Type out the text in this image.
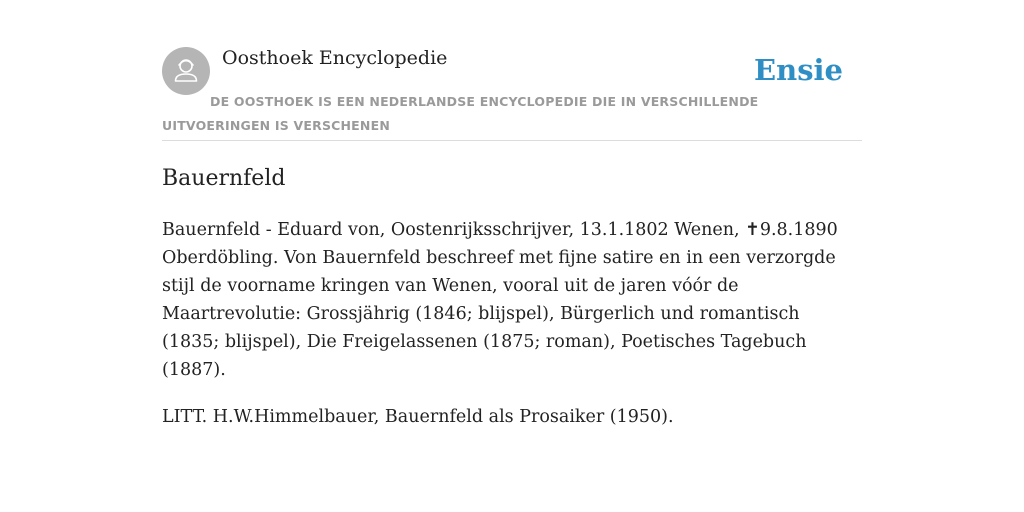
Oosthoek Encyclopedie	Ensie
DE OOSTHOEK IS EEN NEDERLANDSE ENCYCLOPEDIE DIE IN VERSCHILLENDE UITVOERINGEN IS VERSCHENEN
Bauernfeld

Bauernfeld - Eduard von, Oostenrijksschrijver, 13.1.1802 Wenen, ✝9.8.1890 Oberdöbling. Von Bauernfeld beschreef met fijne satire en in een verzorgde stijl de voorname kringen van Wenen, vooral uit de jaren vóór de Maartrevolutie: Grossjährig (1846; blijspel), Bürgerlich und romantisch (1835; blijspel), Die Freigelassenen (1875; roman), Poetisches Tagebuch (1887).

LITT. H.W.Himmelbauer, Bauernfeld als Prosaiker (1950).
